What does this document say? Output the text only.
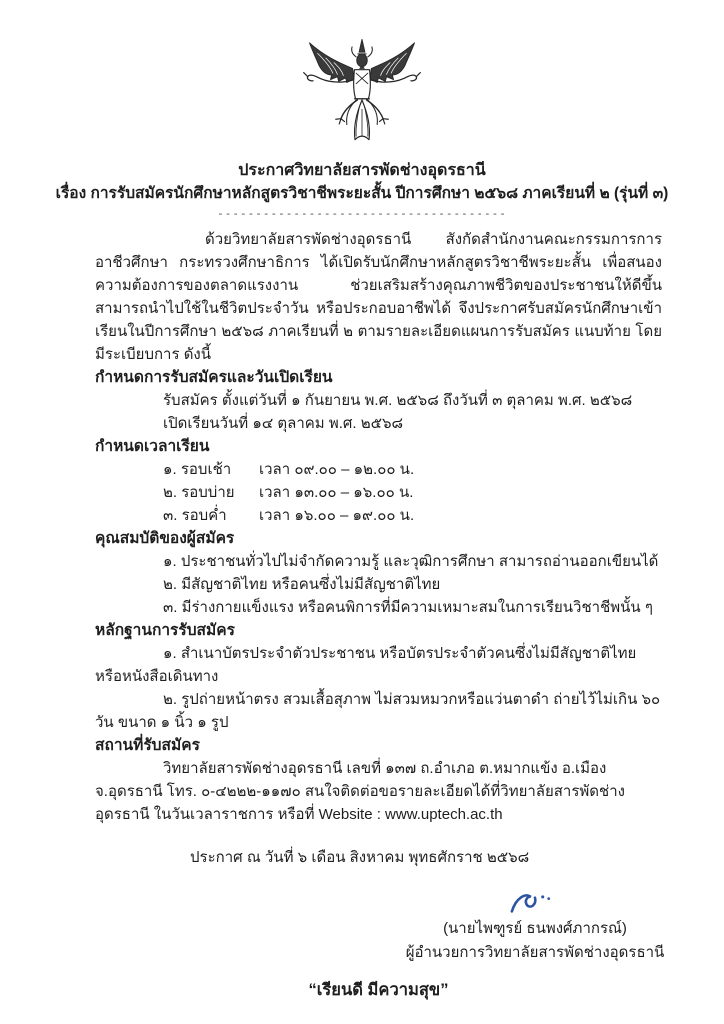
ประกาศวิทยาลัยสารพัดช่างอุดรธานี
เรื่อง การรับสมัครนักศึกษาหลักสูตรวิชาชีพระยะสั้น ปีการศึกษา ๒๕๖๘ ภาคเรียนที่ ๒ (รุ่นที่ ๓)
--------------------------------------

ด้วยวิทยาลัยสารพัดช่างอุดรธานี สังกัดสำนักงานคณะกรรมการการอาชีวศึกษา กระทรวงศึกษาธิการ ได้เปิดรับนักศึกษาหลักสูตรวิชาชีพระยะสั้น เพื่อสนองความต้องการของตลาดแรงงาน ช่วยเสริมสร้างคุณภาพชีวิตของประชาชนให้ดีขึ้น สามารถนำไปใช้ในชีวิตประจำวัน หรือประกอบอาชีพได้ จึงประกาศรับสมัครนักศึกษาเข้าเรียนในปีการศึกษา ๒๕๖๘ ภาคเรียนที่ ๒ ตามรายละเอียดแผนการรับสมัคร แนบท้าย โดยมีระเบียบการ ดังนี้

กำหนดการรับสมัครและวันเปิดเรียน

รับสมัคร ตั้งแต่วันที่ ๑ กันยายน พ.ศ. ๒๕๖๘ ถึงวันที่ ๓ ตุลาคม พ.ศ. ๒๕๖๘

เปิดเรียนวันที่ ๑๔ ตุลาคม พ.ศ. ๒๕๖๘

กำหนดเวลาเรียน
๑. รอบเช้า	เวลา ๐๙.๐๐ – ๑๒.๐๐ น.
๒. รอบบ่าย	เวลา ๑๓.๐๐ – ๑๖.๐๐ น.
๓. รอบค่ำ	เวลา ๑๖.๐๐ – ๑๙.๐๐ น.
คุณสมบัติของผู้สมัคร

๑. ประชาชนทั่วไปไม่จำกัดความรู้ และวุฒิการศึกษา สามารถอ่านออกเขียนได้

๒. มีสัญชาติไทย หรือคนซึ่งไม่มีสัญชาติไทย

๓. มีร่างกายแข็งแรง หรือคนพิการที่มีความเหมาะสมในการเรียนวิชาชีพนั้น ๆ

หลักฐานการรับสมัคร

๑. สำเนาบัตรประจำตัวประชาชน หรือบัตรประจำตัวคนซึ่งไม่มีสัญชาติไทย หรือหนังสือเดินทาง

๒. รูปถ่ายหน้าตรง สวมเสื้อสุภาพ ไม่สวมหมวกหรือแว่นตาดำ ถ่ายไว้ไม่เกิน ๖๐ วัน ขนาด ๑ นิ้ว ๑ รูป

สถานที่รับสมัคร

วิทยาลัยสารพัดช่างอุดรธานี เลขที่ ๑๓๗ ถ.อำเภอ ต.หมากแข้ง อ.เมือง จ.อุดรธานี โทร. ๐-๔๒๒๒-๑๑๗๐ สนใจติดต่อขอรายละเอียดได้ที่วิทยาลัยสารพัดช่างอุดรธานี ในวันเวลาราชการ หรือที่ Website : www.uptech.ac.th

ประกาศ ณ วันที่ ๖ เดือน สิงหาคม พุทธศักราช ๒๕๖๘

(นายไพฑูรย์ ธนพงศ์ภากรณ์)
ผู้อำนวยการวิทยาลัยสารพัดช่างอุดรธานี
“เรียนดี มีความสุข”
